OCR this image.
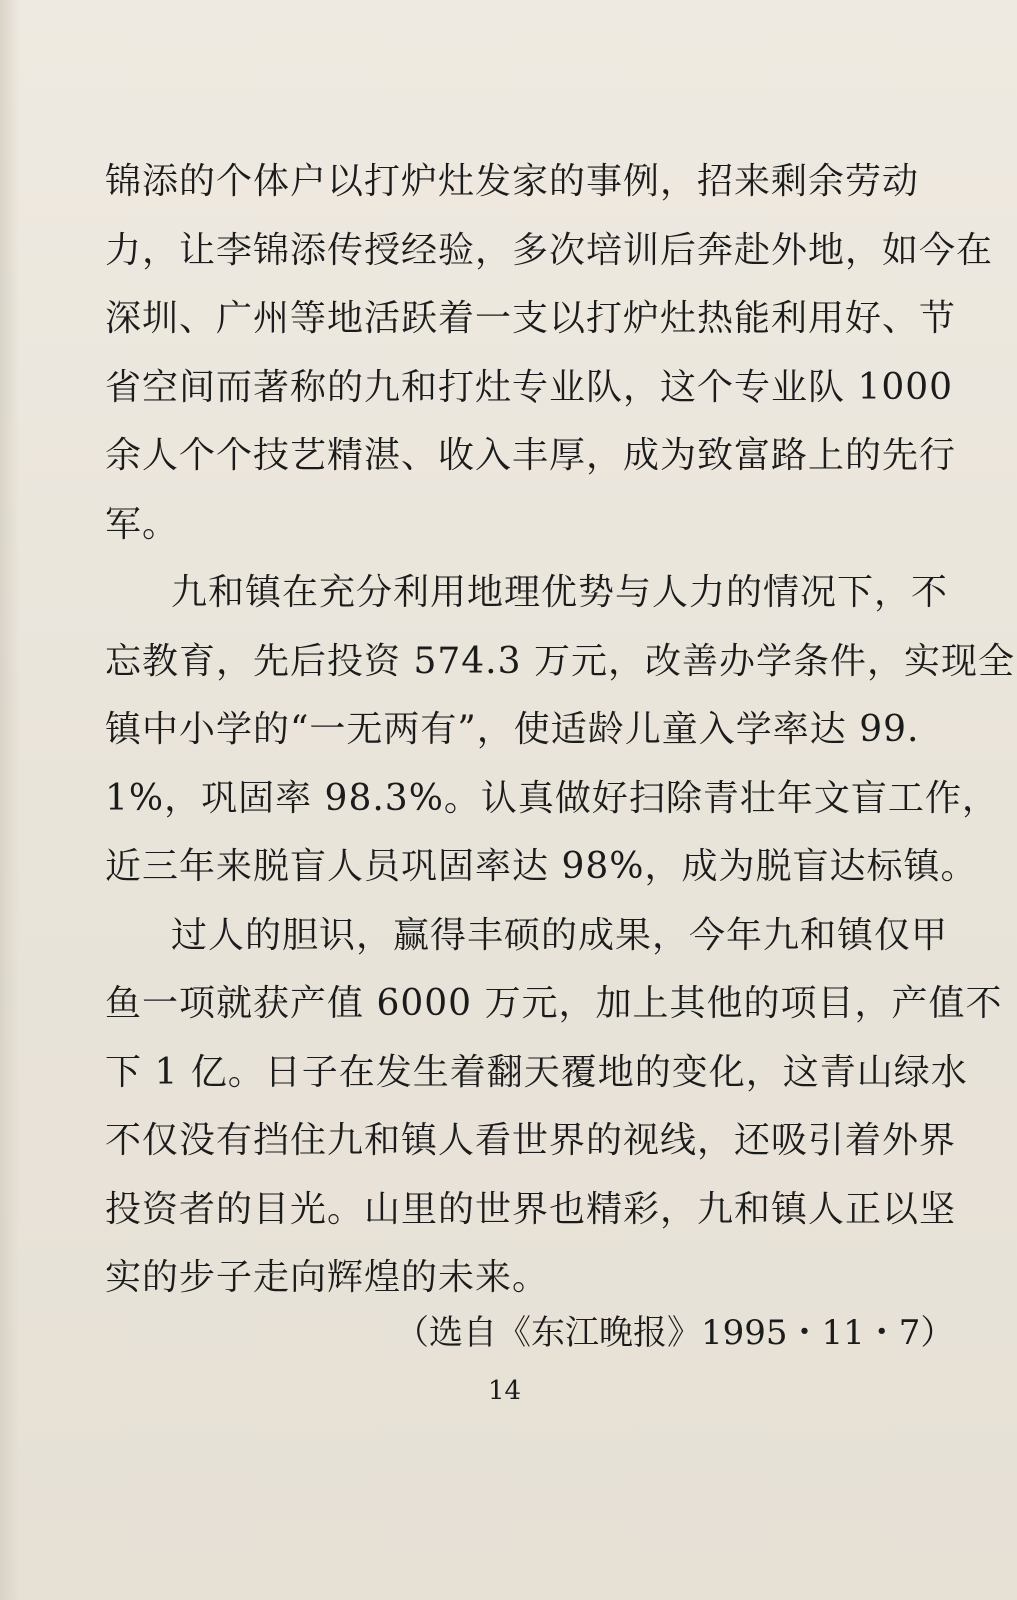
锦添的个体户以打炉灶发家的事例，招来剩余劳动
力，让李锦添传授经验，多次培训后奔赴外地，如今在
深圳、广州等地活跃着一支以打炉灶热能利用好、节
省空间而著称的九和打灶专业队，这个专业队 1000
余人个个技艺精湛、收入丰厚，成为致富路上的先行
军。
九和镇在充分利用地理优势与人力的情况下，不
忘教育，先后投资 574.3 万元，改善办学条件，实现全
镇中小学的“一无两有”，使适龄儿童入学率达 99.
1%，巩固率 98.3%。认真做好扫除青壮年文盲工作，
近三年来脱盲人员巩固率达 98%，成为脱盲达标镇。
过人的胆识，赢得丰硕的成果，今年九和镇仅甲
鱼一项就获产值 6000 万元，加上其他的项目，产值不
下 1 亿。日子在发生着翻天覆地的变化，这青山绿水
不仅没有挡住九和镇人看世界的视线，还吸引着外界
投资者的目光。山里的世界也精彩，九和镇人正以坚
实的步子走向辉煌的未来。
（选自《东江晚报》1995・11・7）
14
